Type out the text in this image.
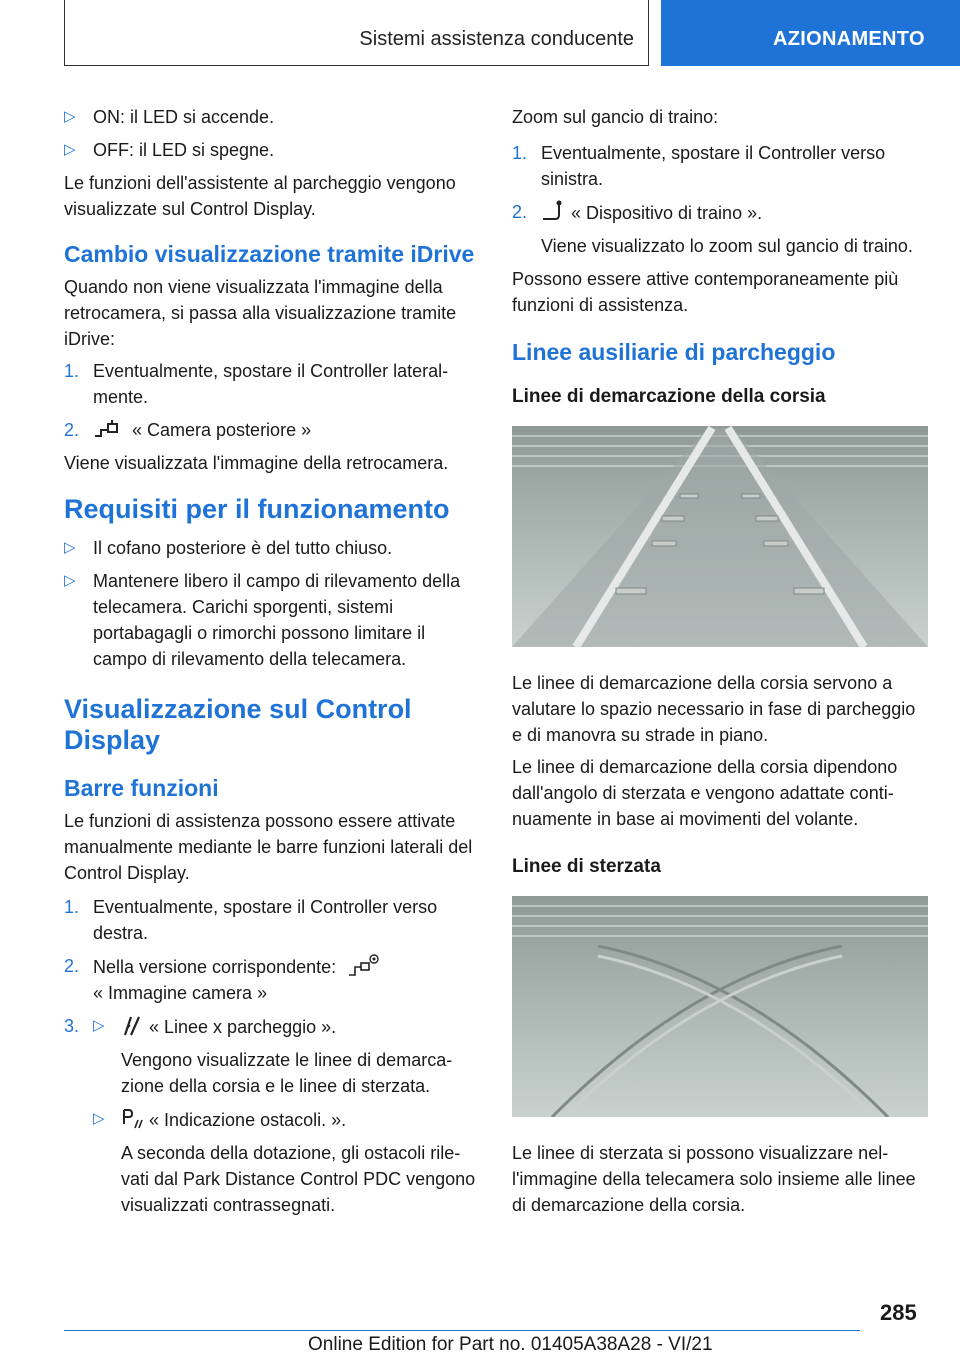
Sistemi assistenza conducente	AZIONAMENTO
▷ ON: il LED si accende.
▷ OFF: il LED si spegne.

Le funzioni dell'assistente al parcheggio vengono visualizzate sul Control Display.

Cambio visualizzazione tramite iDrive

Quando non viene visualizzata l'immagine della retrocamera, si passa alla visualizzazione tramite iDrive:

1. Eventualmente, spostare il Controller lateralmente.
2.	« Camera posteriore »

Viene visualizzata l'immagine della retrocamera.

Requisiti per il funzionamento
▷ Il cofano posteriore è del tutto chiuso.
▷ Mantenere libero il campo di rilevamento della telecamera. Carichi sporgenti, sistemi portabagagli o rimorchi possono limitare il campo di rilevamento della telecamera.
Visualizzazione sul Control Display
Barre funzioni

Le funzioni di assistenza possono essere attivate manualmente mediante le barre funzioni laterali del Control Display.

1. Eventualmente, spostare il Controller verso destra.
2. Nella versione corrispondente:
« Immagine camera »
3. ▷ « Linee x parcheggio ».
Vengono visualizzate le linee di demarcazione della corsia e le linee di sterzata.
▷ « Indicazione ostacoli. ».
A seconda della dotazione, gli ostacoli rilevati dal Park Distance Control PDC vengono visualizzati contrassegnati.

Zoom sul gancio di traino:

1. Eventualmente, spostare il Controller verso sinistra.
2. « Dispositivo di traino ».
Viene visualizzato lo zoom sul gancio di traino.

Possono essere attive contemporaneamente più funzioni di assistenza.

Linee ausiliarie di parcheggio
Linee di demarcazione della corsia

Le linee di demarcazione della corsia servono a valutare lo spazio necessario in fase di parcheggio e di manovra su strade in piano.

Le linee di demarcazione della corsia dipendono dall'angolo di sterzata e vengono adattate continuamente in base ai movimenti del volante.

Linee di sterzata

Le linee di sterzata si possono visualizzare nell'immagine della telecamera solo insieme alle linee di demarcazione della corsia.

285
Online Edition for Part no. 01405A38A28 - VI/21
